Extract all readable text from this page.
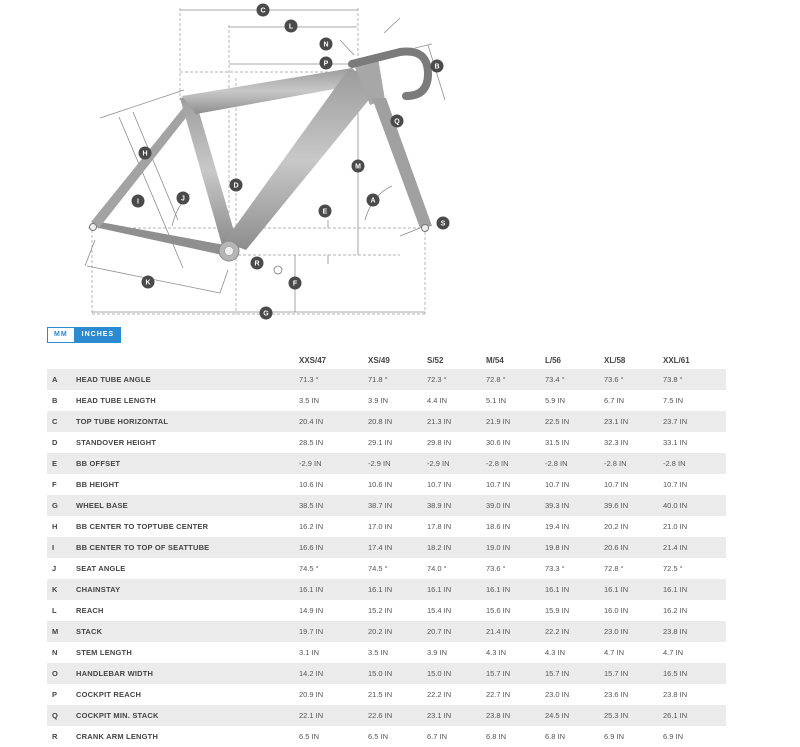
A
B
C
D
E
F
G
H
I	J
K
L
M
N
P
Q
R
S
MM	INCHES
		XXS/47	XS/49	S/52	M/54	L/56	XL/58	XXL/61
A	HEAD TUBE ANGLE	71.3 °	71.8 °	72.3 °	72.8 °	73.4 °	73.6 °	73.8 °
B	HEAD TUBE LENGTH	3.5 IN	3.9 IN	4.4 IN	5.1 IN	5.9 IN	6.7 IN	7.5 IN
C	TOP TUBE HORIZONTAL	20.4 IN	20.8 IN	21.3 IN	21.9 IN	22.5 IN	23.1 IN	23.7 IN
D	STANDOVER HEIGHT	28.5 IN	29.1 IN	29.8 IN	30.6 IN	31.5 IN	32.3 IN	33.1 IN
E	BB OFFSET	-2.9 IN	-2.9 IN	-2.9 IN	-2.8 IN	-2.8 IN	-2.8 IN	-2.8 IN
F	BB HEIGHT	10.6 IN	10.6 IN	10.7 IN	10.7 IN	10.7 IN	10.7 IN	10.7 IN
G	WHEEL BASE	38.5 IN	38.7 IN	38.9 IN	39.0 IN	39.3 IN	39.6 IN	40.0 IN
H	BB CENTER TO TOPTUBE CENTER	16.2 IN	17.0 IN	17.8 IN	18.6 IN	19.4 IN	20.2 IN	21.0 IN
I	BB CENTER TO TOP OF SEATTUBE	16.6 IN	17.4 IN	18.2 IN	19.0 IN	19.8 IN	20.6 IN	21.4 IN
J	SEAT ANGLE	74.5 °	74.5 °	74.0 °	73.6 °	73.3 °	72.8 °	72.5 °
K	CHAINSTAY	16.1 IN	16.1 IN	16.1 IN	16.1 IN	16.1 IN	16.1 IN	16.1 IN
L	REACH	14.9 IN	15.2 IN	15.4 IN	15.6 IN	15.9 IN	16.0 IN	16.2 IN
M	STACK	19.7 IN	20.2 IN	20.7 IN	21.4 IN	22.2 IN	23.0 IN	23.8 IN
N	STEM LENGTH	3.1 IN	3.5 IN	3.9 IN	4.3 IN	4.3 IN	4.7 IN	4.7 IN
O	HANDLEBAR WIDTH	14.2 IN	15.0 IN	15.0 IN	15.7 IN	15.7 IN	15.7 IN	16.5 IN
P	COCKPIT REACH	20.9 IN	21.5 IN	22.2 IN	22.7 IN	23.0 IN	23.6 IN	23.8 IN
Q	COCKPIT MIN. STACK	22.1 IN	22.6 IN	23.1 IN	23.8 IN	24.5 IN	25.3 IN	26.1 IN
R	CRANK ARM LENGTH	6.5 IN	6.5 IN	6.7 IN	6.8 IN	6.8 IN	6.9 IN	6.9 IN
